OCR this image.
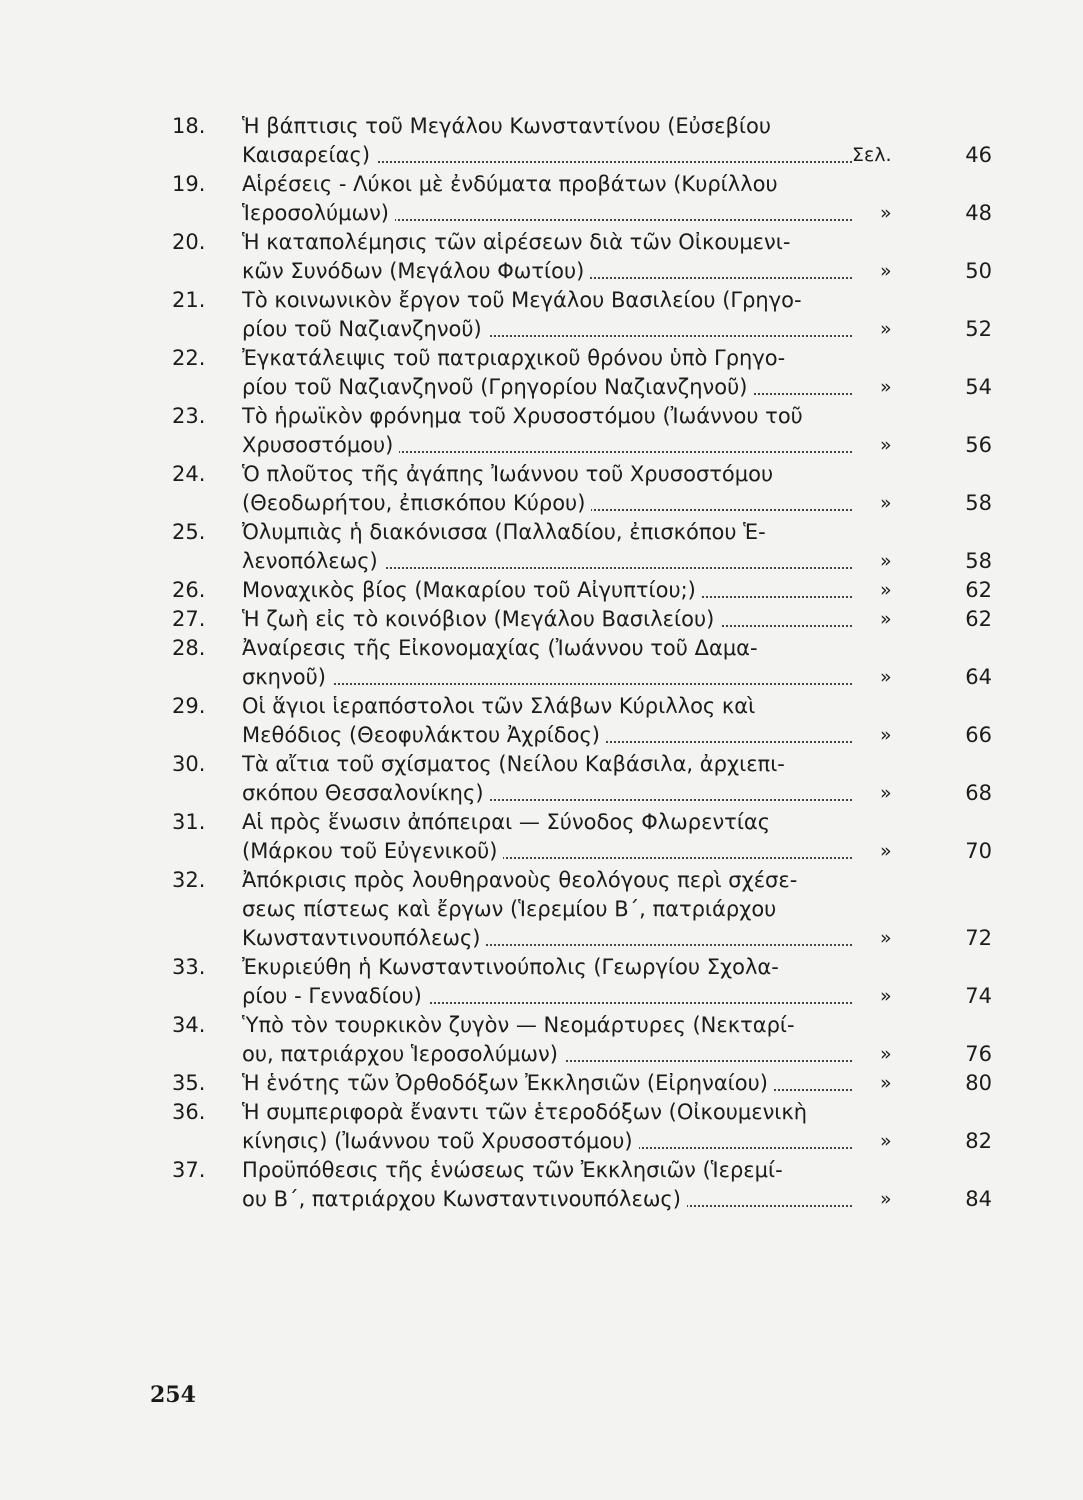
18.	Ἡ βάπτισις τοῦ Μεγάλου Κωνσταντίνου (Εὐσεβίου
Καισαρείας)	Σελ.	46
19.	Αἱρέσεις - Λύκοι μὲ ἐνδύματα προβάτων (Κυρίλλου
Ἱεροσολύμων)	»	48
20.	Ἡ καταπολέμησις τῶν αἱρέσεων διὰ τῶν Οἰκουμενι-
κῶν Συνόδων (Μεγάλου Φωτίου)	»	50
21.	Τὸ κοινωνικὸν ἔργον τοῦ Μεγάλου Βασιλείου (Γρηγο-
ρίου τοῦ Ναζιανζηνοῦ)	»	52
22.	Ἐγκατάλειψις τοῦ πατριαρχικοῦ θρόνου ὑπὸ Γρηγο-
ρίου τοῦ Ναζιανζηνοῦ (Γρηγορίου Ναζιανζηνοῦ)	»	54
23.	Τὸ ἡρωϊκὸν φρόνημα τοῦ Χρυσοστόμου (Ἰωάννου τοῦ
Χρυσοστόμου)	»	56
24.	Ὁ πλοῦτος τῆς ἀγάπης Ἰωάννου τοῦ Χρυσοστόμου
(Θεοδωρήτου, ἐπισκόπου Κύρου)	»	58
25.	Ὀλυμπιὰς ἡ διακόνισσα (Παλλαδίου, ἐπισκόπου Ἑ-
λενοπόλεως)	»	58
26.	Μοναχικὸς βίος (Μακαρίου τοῦ Αἰγυπτίου;)	»	62
27.	Ἡ ζωὴ εἰς τὸ κοινόβιον (Μεγάλου Βασιλείου)	»	62
28.	Ἀναίρεσις τῆς Εἰκονομαχίας (Ἰωάννου τοῦ Δαμα-
σκηνοῦ)	»	64
29.	Οἱ ἅγιοι ἱεραπόστολοι τῶν Σλάβων Κύριλλος καὶ
Μεθόδιος (Θεοφυλάκτου Ἀχρίδος)	»	66
30.	Τὰ αἴτια τοῦ σχίσματος (Νείλου Καβάσιλα, ἀρχιεπι-
σκόπου Θεσσαλονίκης)	»	68
31.	Αἱ πρὸς ἕνωσιν ἀπόπειραι — Σύνοδος Φλωρεντίας
(Μάρκου τοῦ Εὐγενικοῦ)	»	70
32.	Ἀπόκρισις πρὸς λουθηρανοὺς θεολόγους περὶ σχέσε-
σεως πίστεως καὶ ἔργων (Ἱερεμίου Β΄, πατριάρχου
Κωνσταντινουπόλεως)	»	72
33.	Ἐκυριεύθη ἡ Κωνσταντινούπολις (Γεωργίου Σχολα-
ρίου - Γενναδίου)	»	74
34.	Ὑπὸ τὸν τουρκικὸν ζυγὸν — Νεομάρτυρες (Νεκταρί-
ου, πατριάρχου Ἱεροσολύμων)	»	76
35.	Ἡ ἑνότης τῶν Ὀρθοδόξων Ἐκκλησιῶν (Εἰρηναίου)	»	80
36.	Ἡ συμπεριφορὰ ἔναντι τῶν ἑτεροδόξων (Οἰκουμενικὴ
κίνησις) (Ἰωάννου τοῦ Χρυσοστόμου)	»	82
37.	Προϋπόθεσις τῆς ἑνώσεως τῶν Ἐκκλησιῶν (Ἱερεμί-
ου Β΄, πατριάρχου Κωνσταντινουπόλεως)	»	84
254
